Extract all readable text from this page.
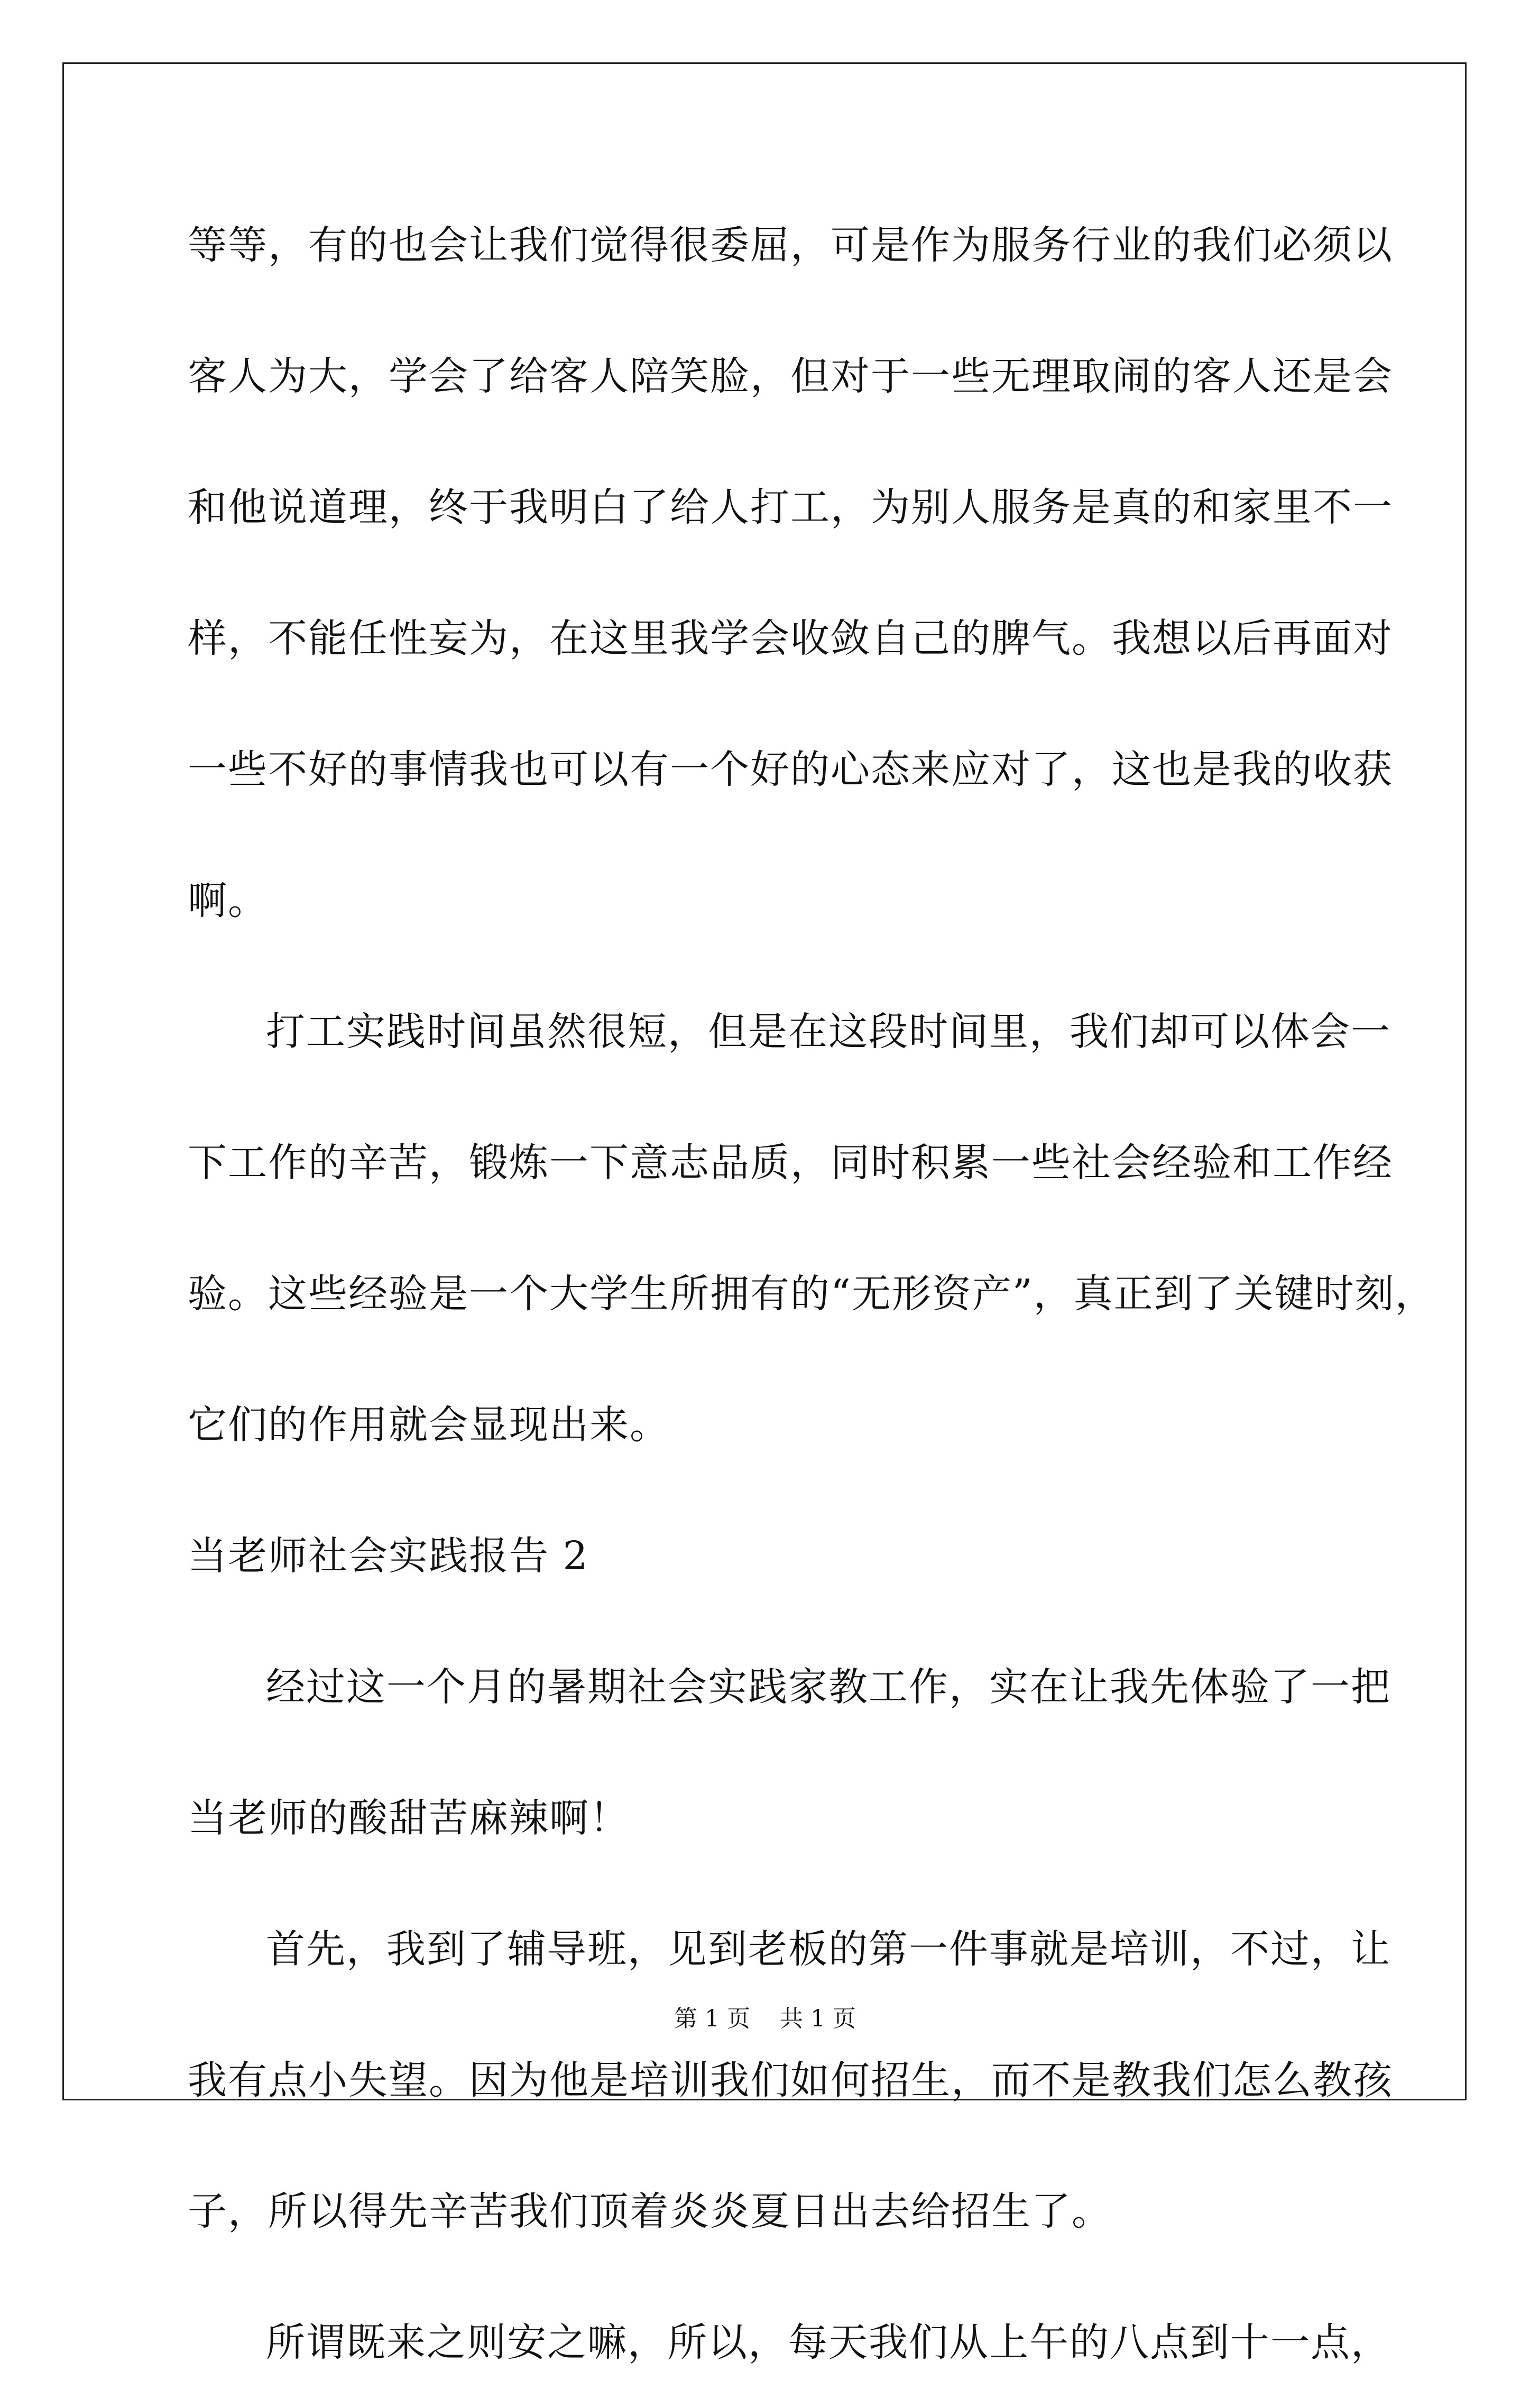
等等，有的也会让我们觉得很委屈，可是作为服务行业的我们必须以
客人为大，学会了给客人陪笑脸，但对于一些无理取闹的客人还是会
和他说道理，终于我明白了给人打工，为别人服务是真的和家里不一
样，不能任性妄为，在这里我学会收敛自己的脾气。我想以后再面对
一些不好的事情我也可以有一个好的心态来应对了，这也是我的收获
啊。
打工实践时间虽然很短，但是在这段时间里，我们却可以体会一
下工作的辛苦，锻炼一下意志品质，同时积累一些社会经验和工作经
验。这些经验是一个大学生所拥有的“无形资产”，真正到了关键时刻，
它们的作用就会显现出来。
当老师社会实践报告 2
经过这一个月的暑期社会实践家教工作，实在让我先体验了一把
当老师的酸甜苦麻辣啊！
首先，我到了辅导班，见到老板的第一件事就是培训，不过，让
我有点小失望。因为他是培训我们如何招生，而不是教我们怎么教孩
子，所以得先辛苦我们顶着炎炎夏日出去给招生了。
所谓既来之则安之嘛，所以，每天我们从上午的八点到十一点，
第 1 页    共 1 页
